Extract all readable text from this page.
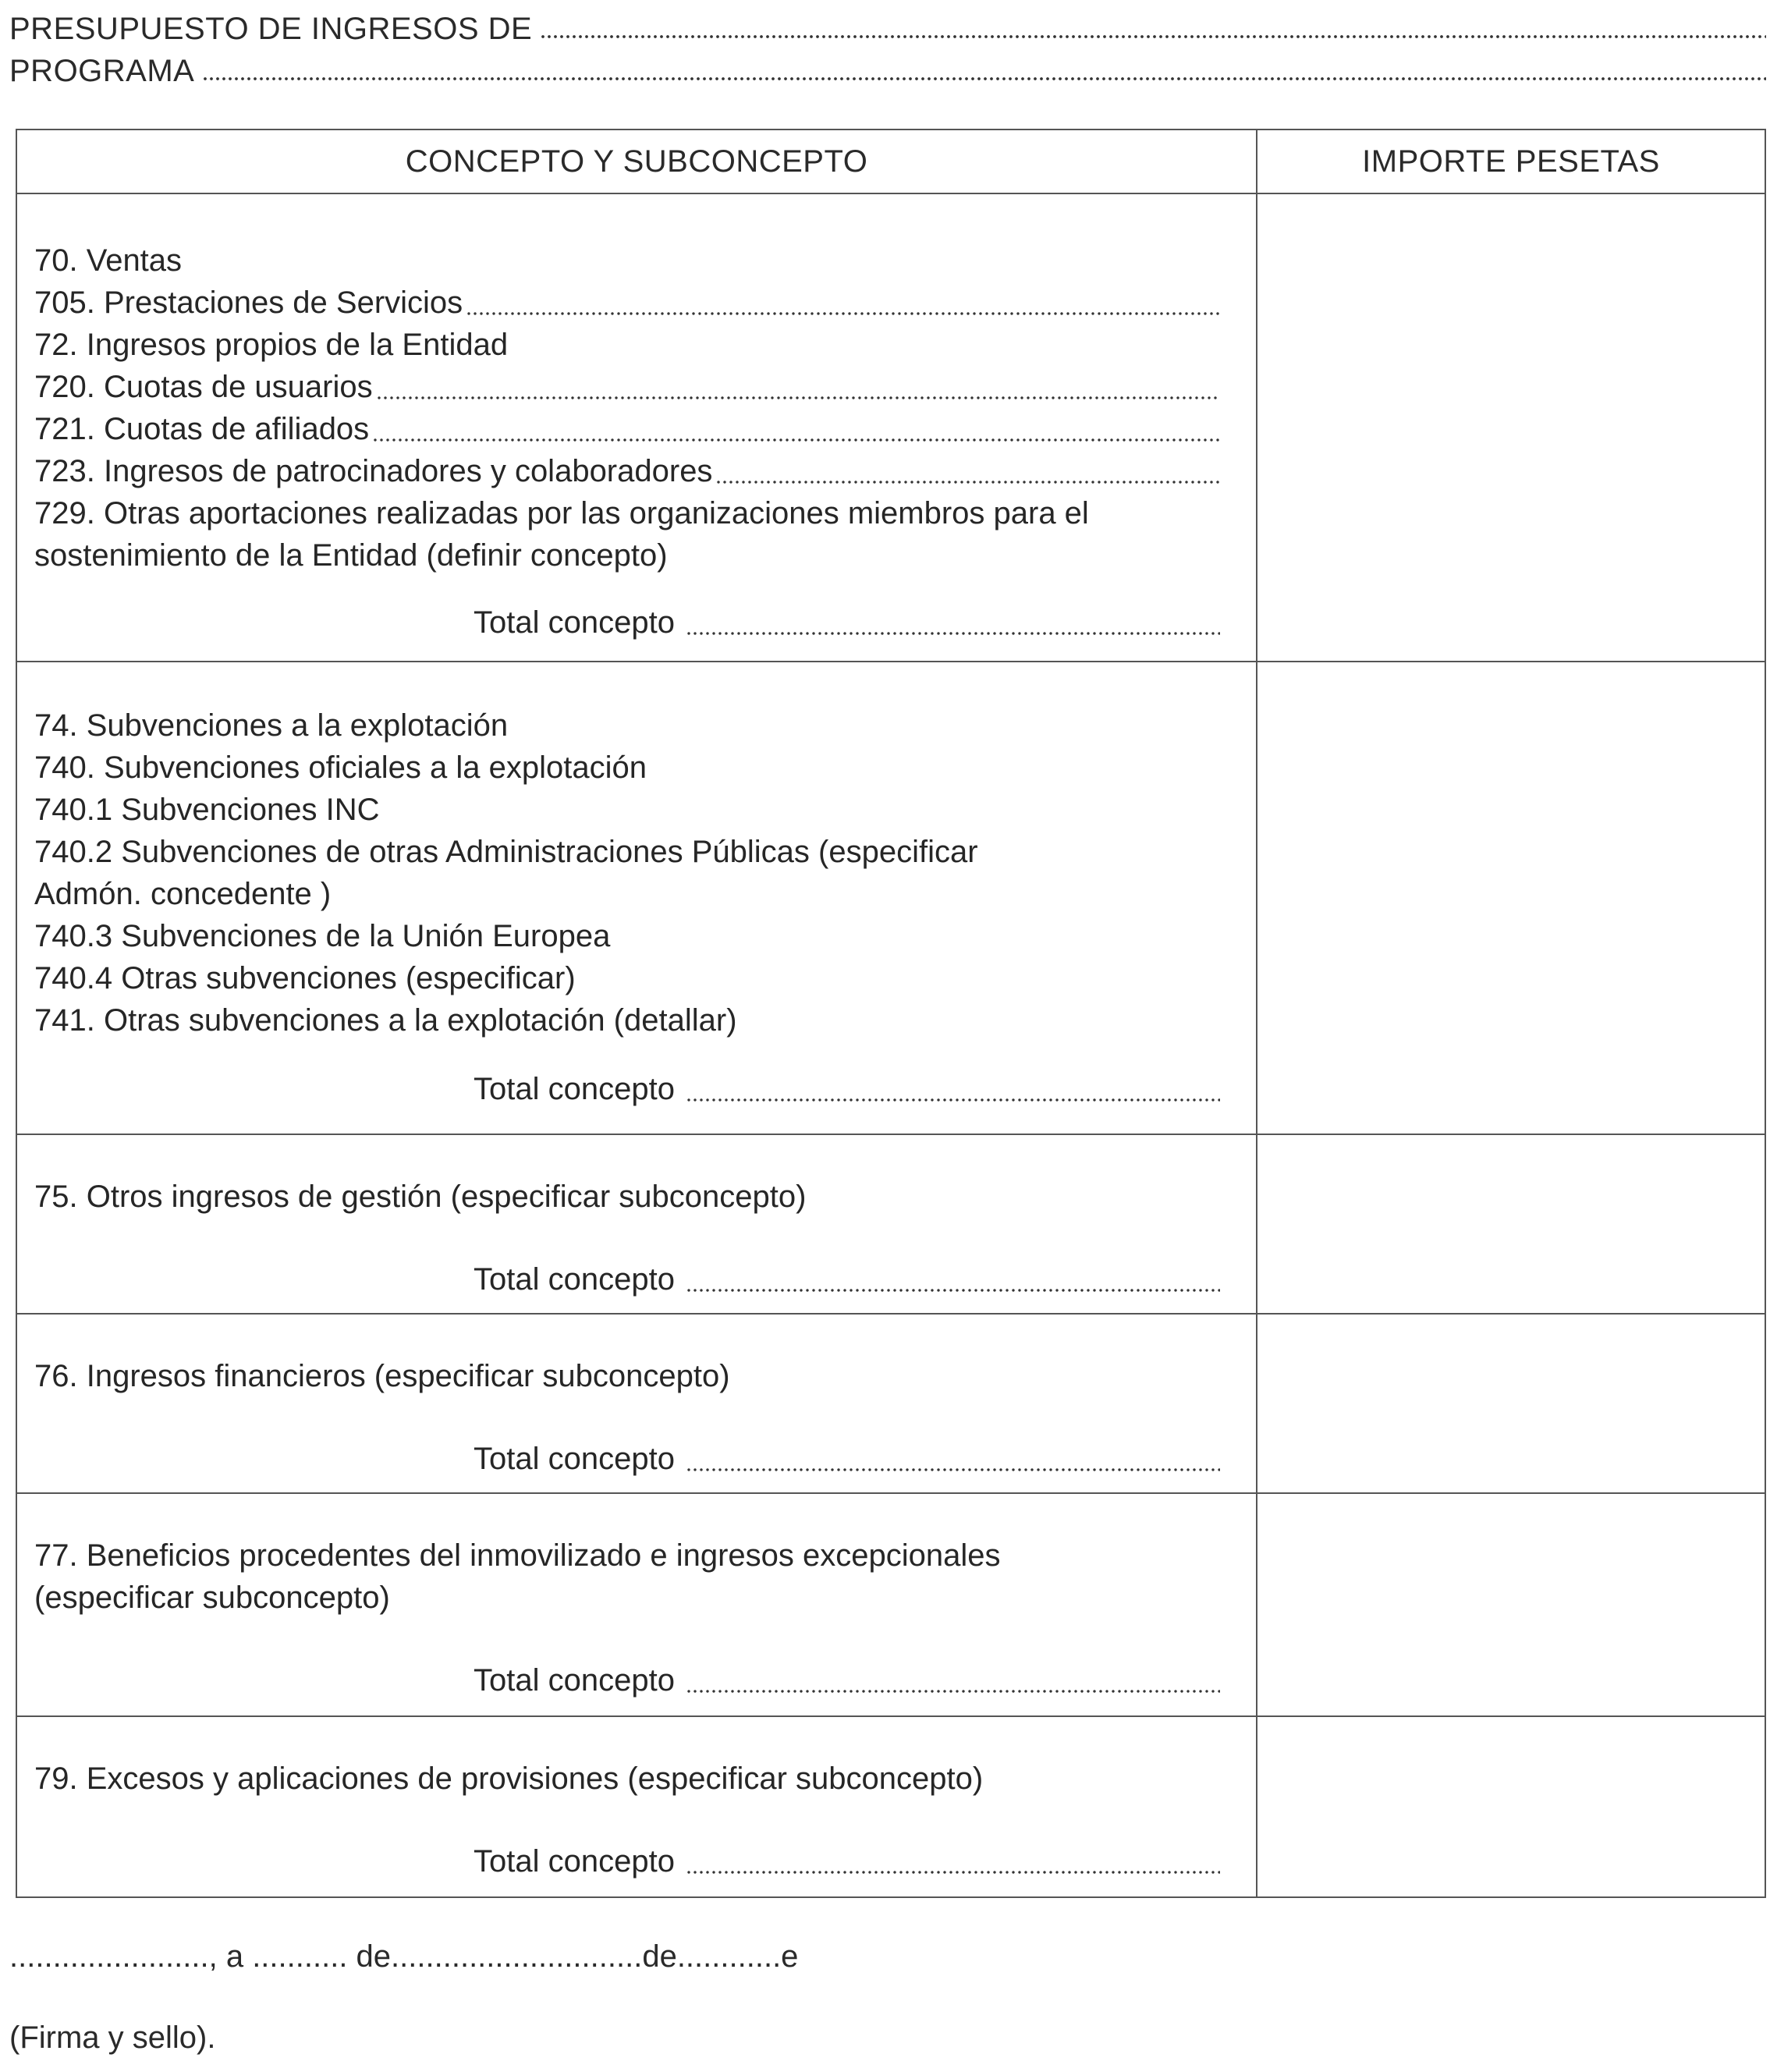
PRESUPUESTO DE INGRESOS DE
PROGRAMA
CONCEPTO Y SUBCONCEPTO	IMPORTE PESETAS
70. Ventas
705. Prestaciones de Servicios
72. Ingresos propios de la Entidad
720. Cuotas de usuarios
721. Cuotas de afiliados
723. Ingresos de patrocinadores y colaboradores
729. Otras aportaciones realizadas por las organizaciones miembros para el
sostenimiento de la Entidad (definir concepto)
Total concepto
74. Subvenciones a la explotación
740. Subvenciones oficiales a la explotación
740.1 Subvenciones INC
740.2 Subvenciones de otras Administraciones Públicas (especificar
Admón. concedente )
740.3 Subvenciones de la Unión Europea
740.4 Otras subvenciones (especificar)
741. Otras subvenciones a la explotación (detallar)
Total concepto
75. Otros ingresos de gestión (especificar subconcepto)
Total concepto
76. Ingresos financieros (especificar subconcepto)
Total concepto
77. Beneficios procedentes del inmovilizado e ingresos excepcionales
(especificar subconcepto)
Total concepto
79. Excesos y aplicaciones de provisiones (especificar subconcepto)
Total concepto
......................., a ........... de.............................de............e
(Firma y sello).
